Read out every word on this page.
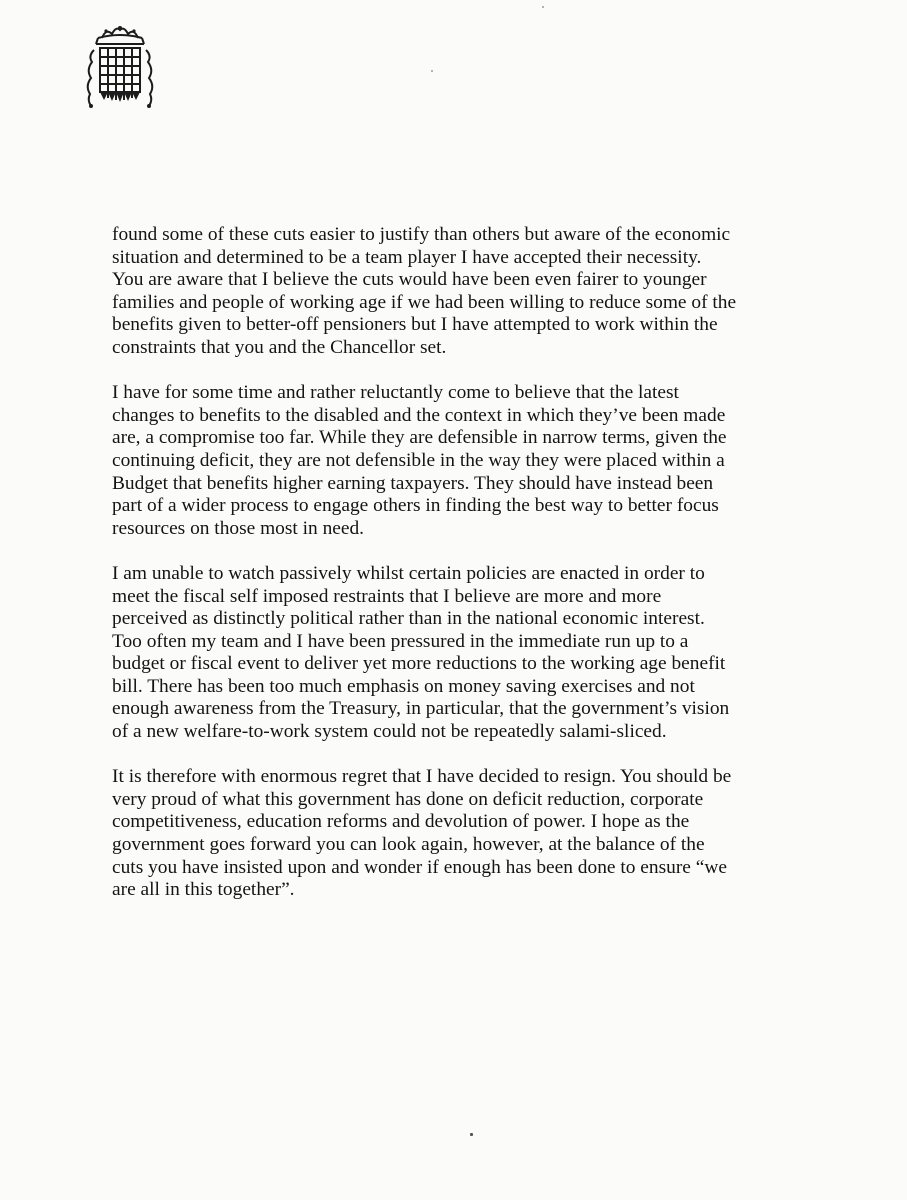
found some of these cuts easier to justify than others but aware of the economic
situation and determined to be a team player I have accepted their necessity.
You are aware that I believe the cuts would have been even fairer to younger
families and people of working age if we had been willing to reduce some of the
benefits given to better-off pensioners but I have attempted to work within the
constraints that you and the Chancellor set.

I have for some time and rather reluctantly come to believe that the latest
changes to benefits to the disabled and the context in which they’ve been made
are, a compromise too far. While they are defensible in narrow terms, given the
continuing deficit, they are not defensible in the way they were placed within a
Budget that benefits higher earning taxpayers. They should have instead been
part of a wider process to engage others in finding the best way to better focus
resources on those most in need.

I am unable to watch passively whilst certain policies are enacted in order to
meet the fiscal self imposed restraints that I believe are more and more
perceived as distinctly political rather than in the national economic interest.
Too often my team and I have been pressured in the immediate run up to a
budget or fiscal event to deliver yet more reductions to the working age benefit
bill. There has been too much emphasis on money saving exercises and not
enough awareness from the Treasury, in particular, that the government’s vision
of a new welfare-to-work system could not be repeatedly salami-sliced.

It is therefore with enormous regret that I have decided to resign. You should be
very proud of what this government has done on deficit reduction, corporate
competitiveness, education reforms and devolution of power. I hope as the
government goes forward you can look again, however, at the balance of the
cuts you have insisted upon and wonder if enough has been done to ensure “we
are all in this together”.
